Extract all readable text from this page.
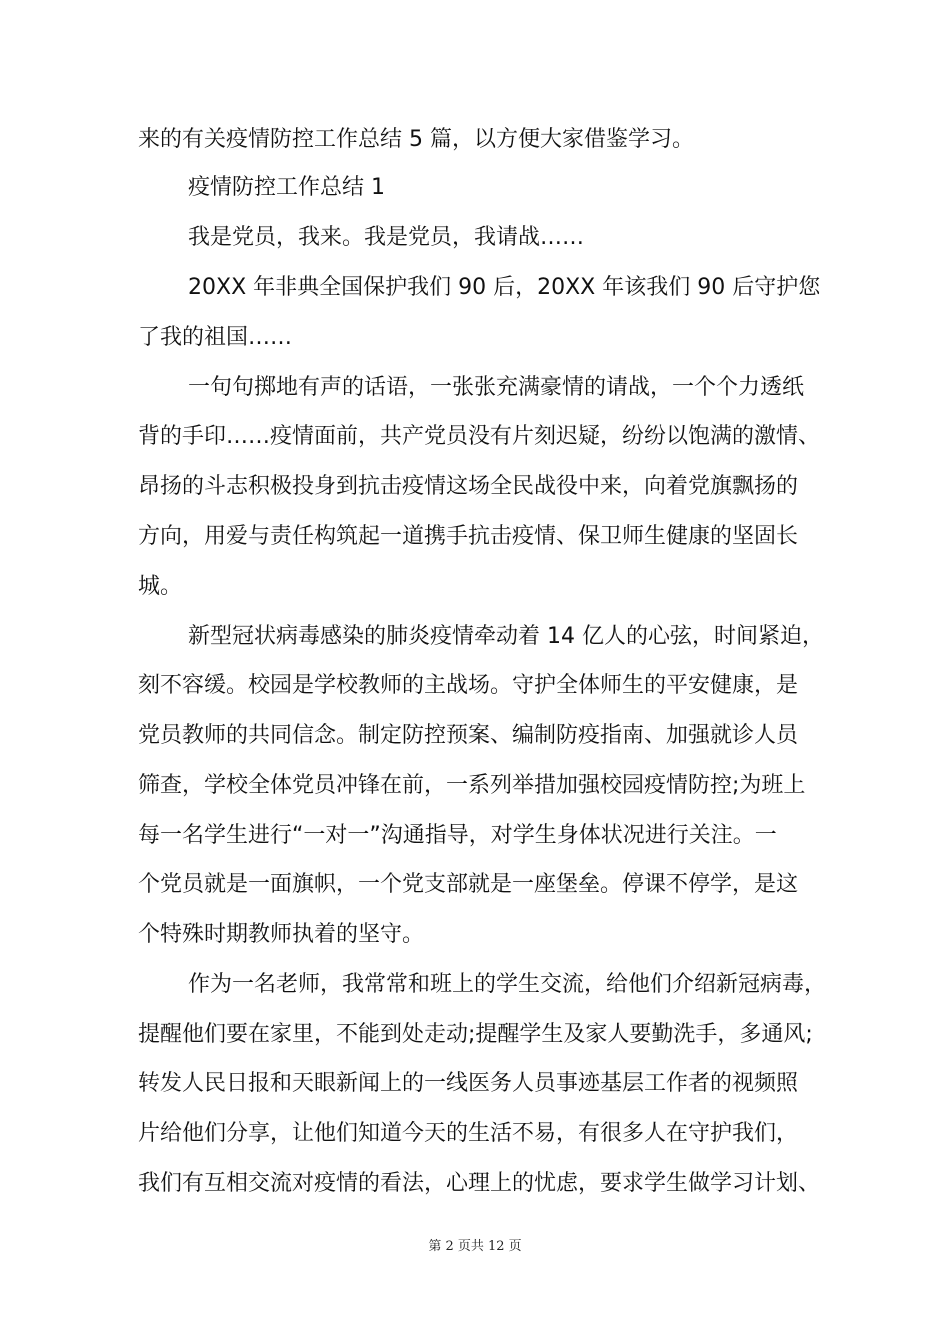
来的有关疫情防控工作总结 5 篇，以方便大家借鉴学习。
疫情防控工作总结 1
我是党员，我来。我是党员，我请战……
20XX 年非典全国保护我们 90 后，20XX 年该我们 90 后守护您
了我的祖国……
一句句掷地有声的话语，一张张充满豪情的请战，一个个力透纸
背的手印……疫情面前，共产党员没有片刻迟疑，纷纷以饱满的激情、
昂扬的斗志积极投身到抗击疫情这场全民战役中来，向着党旗飘扬的
方向，用爱与责任构筑起一道携手抗击疫情、保卫师生健康的坚固长
城。
新型冠状病毒感染的肺炎疫情牵动着 14 亿人的心弦，时间紧迫，
刻不容缓。校园是学校教师的主战场。守护全体师生的平安健康，是
党员教师的共同信念。制定防控预案、编制防疫指南、加强就诊人员
筛查，学校全体党员冲锋在前，一系列举措加强校园疫情防控;为班上
每一名学生进行“一对一”沟通指导，对学生身体状况进行关注。一
个党员就是一面旗帜，一个党支部就是一座堡垒。停课不停学，是这
个特殊时期教师执着的坚守。
作为一名老师，我常常和班上的学生交流，给他们介绍新冠病毒，
提醒他们要在家里，不能到处走动;提醒学生及家人要勤洗手，多通风;
转发人民日报和天眼新闻上的一线医务人员事迹基层工作者的视频照
片给他们分享，让他们知道今天的生活不易，有很多人在守护我们，
我们有互相交流对疫情的看法，心理上的忧虑，要求学生做学习计划、
第 2 页共 12 页
